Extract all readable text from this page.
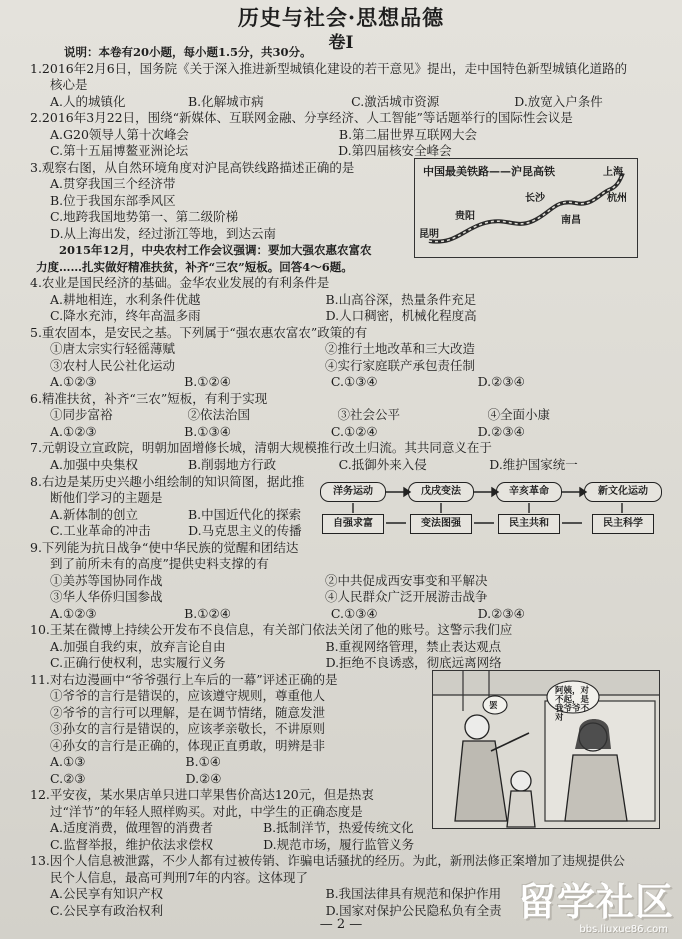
历史与社会·思想品德
卷Ⅰ
说明：本卷有20小题，每小题1.5分，共30分。
1.2016年2月6日，国务院《关于深入推进新型城镇化建设的若干意见》提出，走中国特色新型城镇化道路的
核心是
A.人的城镇化　　　　　B.化解城市病　　　　　　　C.激活城市资源　　　　　　D.放宽入户条件
2.2016年3月22日，围绕“新媒体、互联网金融、分享经济、人工智能”等话题举行的国际性会议是
A.G20领导人第十次峰会　　　　　　　　　　　　B.第二届世界互联网大会
C.第十五届博鳌亚洲论坛　　　　　　　　　　　　D.第四届核安全峰会
3.观察右图，从自然环境角度对沪昆高铁线路描述正确的是
A.贯穿我国三个经济带
B.位于我国东部季风区
C.地跨我国地势第一、第二级阶梯
D.从上海出发，经过浙江等地，到达云南
　　2015年12月，中央农村工作会议强调：要加大强农惠农富农
力度……扎实做好精准扶贫，补齐“三农”短板。回答4～6题。
4.农业是国民经济的基础。金华农业发展的有利条件是
A.耕地相连，水利条件优越　　　　　　　　　　B.山高谷深，热量条件充足
C.降水充沛，终年高温多雨　　　　　　　　　　D.人口稠密，机械化程度高
5.重农固本，是安民之基。下列属于“强农惠农富农”政策的有
①唐太宗实行轻徭薄赋　　　　　　　　　　　　②推行土地改革和三大改造
③农村人民公社化运动　　　　　　　　　　　　④实行家庭联产承包责任制
A.①②③　　　　　　　B.①②④　　　　　　　　C.①③④　　　　　　　　D.②③④
6.精准扶贫，补齐“三农”短板，有利于实现
①同步富裕　　　　　　②依法治国　　　　　　　③社会公平　　　　　　　④全面小康
A.①②③　　　　　　　B.①③④　　　　　　　　C.①②④　　　　　　　　D.②③④
7.元朝设立宣政院，明朝加固增修长城，清朝大规模推行改土归流。其共同意义在于
A.加强中央集权　　　　B.削弱地方行政　　　　　C.抵御外来入侵　　　　　D.维护国家统一
8.右边是某历史兴趣小组绘制的知识简图，据此推
断他们学习的主题是
A.新体制的创立　　　　B.中国近代化的探索
C.工业革命的冲击　　　D.马克思主义的传播
9.下列能为抗日战争“使中华民族的觉醒和团结达
到了前所未有的高度”提供史料支撑的有
①美苏等国协同作战　　　　　　　　　　　　　②中共促成西安事变和平解决
③华人华侨归国参战　　　　　　　　　　　　　④人民群众广泛开展游击战争
A.①②③　　　　　　　B.①②④　　　　　　　　C.①③④　　　　　　　　D.②③④
10.王某在微博上持续公开发布不良信息，有关部门依法关闭了他的账号。这警示我们应
A.加强自我约束，放弃言论自由　　　　　　　　B.重视网络管理，禁止表达观点
C.正确行使权利，忠实履行义务　　　　　　　　D.拒绝不良诱惑，彻底远离网络
11.对右边漫画中“爷爷强行上车后的一幕”评述正确的是
①爷爷的言行是错误的，应该遵守规则，尊重他人
②爷爷的言行可以理解，是在调节情绪，随意发泄
③孙女的言行是错误的，应该孝亲敬长，不讲原则
④孙女的言行是正确的，体现正直勇敢，明辨是非
A.①③　　　　　　　　B.①④
C.②③　　　　　　　　D.②④
12.平安夜，某水果店单只进口苹果售价高达120元，但是热衷
过“洋节”的年轻人照样购买。对此，中学生的正确态度是
A.适度消费，做理智的消费者　　　　B.抵制洋节，热爱传统文化
C.监督举报，维护依法求偿权　　　　D.规范市场，履行监管义务
13.因个人信息被泄露，不少人都有过被传销、诈骗电话骚扰的经历。为此，新刑法修正案增加了违规提供公
民个人信息，最高可判刑7年的内容。这体现了
A.公民享有知识产权　　　　　　　　　　　　　B.我国法律具有规范和保护作用
C.公民享有政治权利　　　　　　　　　　　　　D.国家对保护公民隐私负有全责
中国最美铁路——沪昆高铁	上海
杭州
长沙
南昌
贵阳
昆明
洋务运动	戊戌变法	辛亥革命	新文化运动
自强求富	变法图强	民主共和	民主科学
罢
阿姨，对不起，是我爷爷不对
— 2 —
留学社区
bbs.liuxue86.com
